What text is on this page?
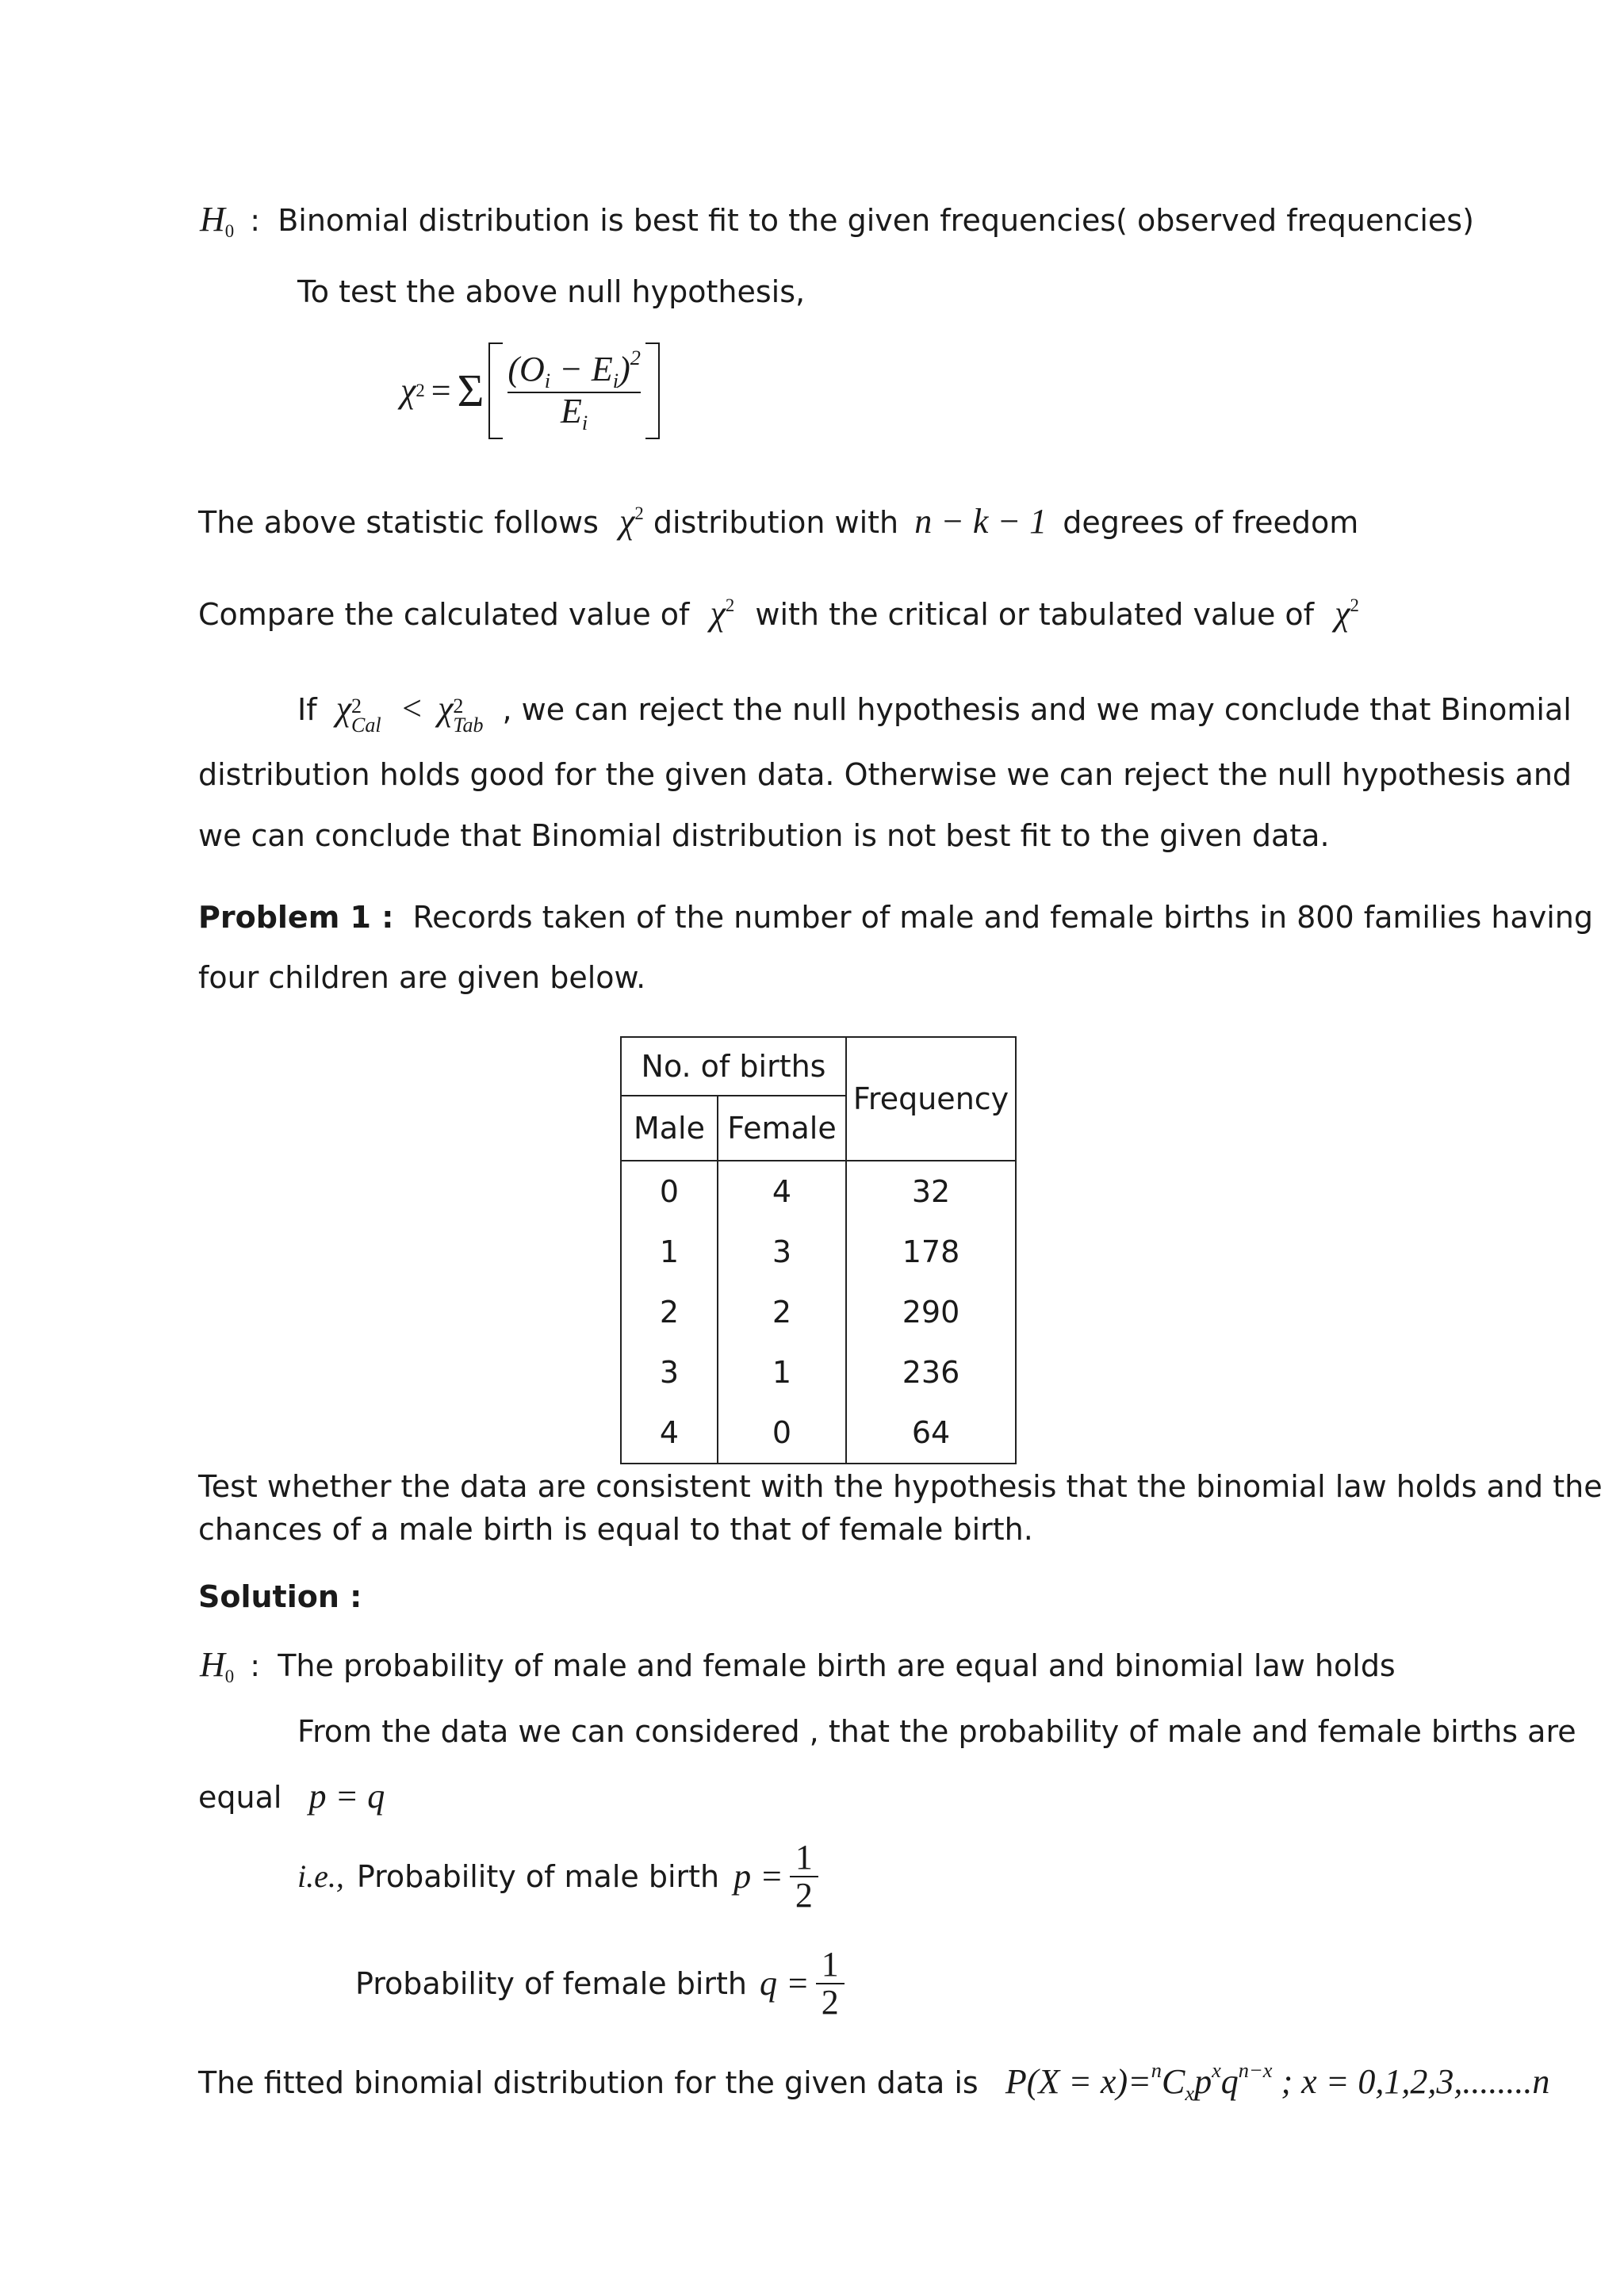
$H_0$ : Binomial distribution is best fit to the given frequencies( observed frequencies)
To test the above null hypothesis,
χ 2 = Σ $\frac{(O_i - E_i)^2}{E_i}$
The above statistic follows $\chi^2$ distribution with n − k − 1 degrees of freedom
Compare the calculated value of $\chi^2$ with the critical or tabulated value of $\chi^2$
If χ 2
Cal < χ 2
Tab , we can reject the null hypothesis and we may conclude that Binomial
distribution holds good for the given data. Otherwise we can reject the null hypothesis and
we can conclude that Binomial distribution is not best fit to the given data.
Problem 1 : Records taken of the number of male and female births in 800 families having
four children are given below.
No. of births		Frequency
Male	Female	
0	4	32
1	3	178
2	2	290
3	1	236
4	0	64
Test whether the data are consistent with the hypothesis that the binomial law holds and the
chances of a male birth is equal to that of female birth.
Solution :
$H_0$ : The probability of male and female birth are equal and binomial law holds
From the data we can considered , that the probability of male and female births are
equal p = q
i.e., Probability of male birth $p = \frac{1}{2}$
Probability of female birth $q = \frac{1}{2}$
The fitted binomial distribution for the given data is $P(X = x)=^nC_xp^xq^{n-x}$ ; x = 0,1,2,3,........n
